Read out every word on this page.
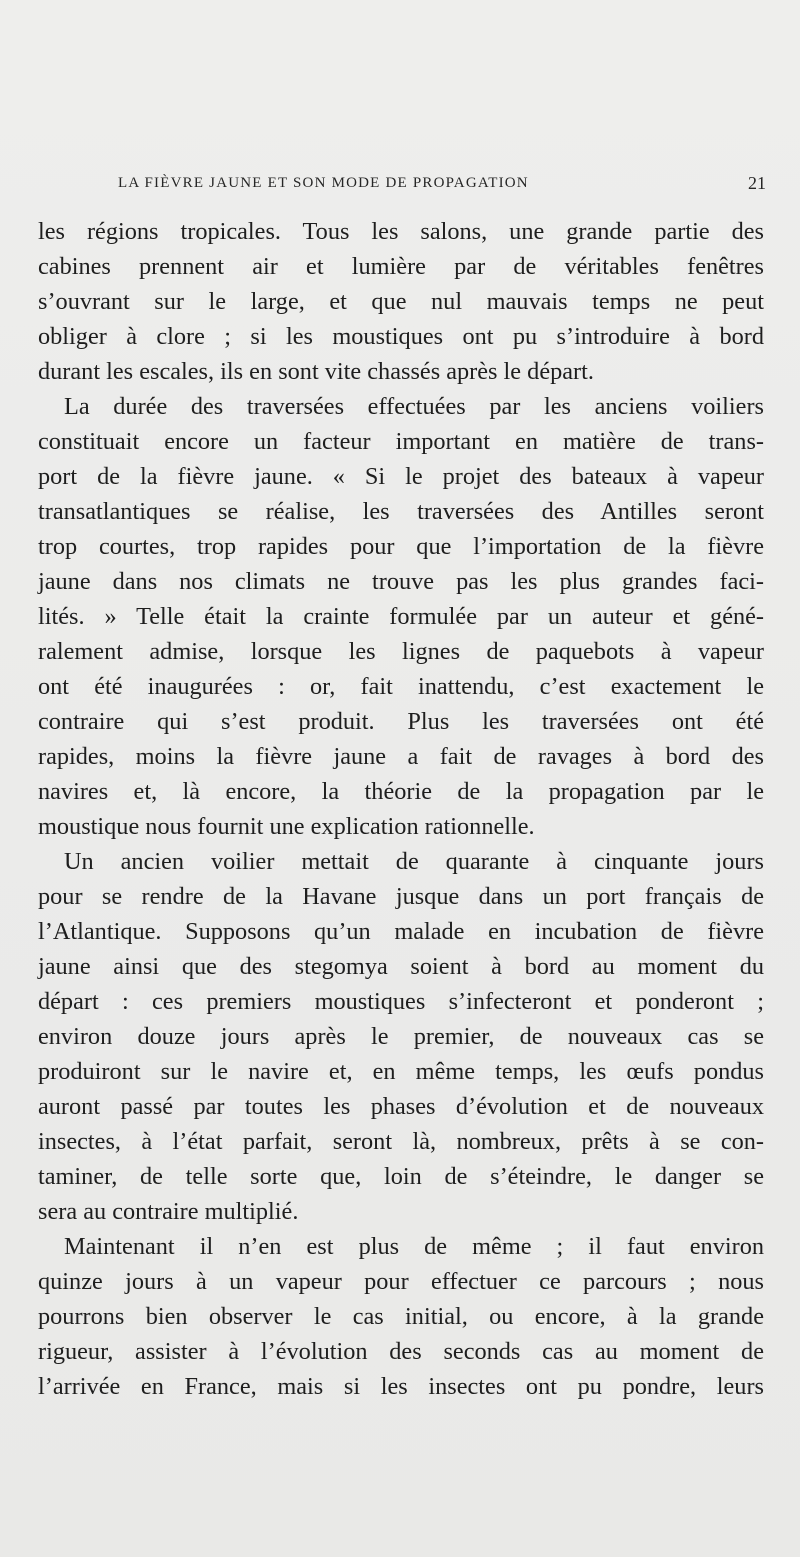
LA FIÈVRE JAUNE ET SON MODE DE PROPAGATION	21
les régions tropicales. Tous les salons, une grande partie des
cabines prennent air et lumière par de véritables fenêtres
s’ouvrant sur le large, et que nul mauvais temps ne peut
obliger à clore ; si les moustiques ont pu s’introduire à bord
durant les escales, ils en sont vite chassés après le départ.
La durée des traversées effectuées par les anciens voiliers
constituait encore un facteur important en matière de trans-
port de la fièvre jaune. « Si le projet des bateaux à vapeur
transatlantiques se réalise, les traversées des Antilles seront
trop courtes, trop rapides pour que l’importation de la fièvre
jaune dans nos climats ne trouve pas les plus grandes faci-
lités. » Telle était la crainte formulée par un auteur et géné-
ralement admise, lorsque les lignes de paquebots à vapeur
ont été inaugurées : or, fait inattendu, c’est exactement le
contraire qui s’est produit. Plus les traversées ont été
rapides, moins la fièvre jaune a fait de ravages à bord des
navires et, là encore, la théorie de la propagation par le
moustique nous fournit une explication rationnelle.
Un ancien voilier mettait de quarante à cinquante jours
pour se rendre de la Havane jusque dans un port français de
l’Atlantique. Supposons qu’un malade en incubation de fièvre
jaune ainsi que des stegomya soient à bord au moment du
départ : ces premiers moustiques s’infecteront et ponderont ;
environ douze jours après le premier, de nouveaux cas se
produiront sur le navire et, en même temps, les œufs pondus
auront passé par toutes les phases d’évolution et de nouveaux
insectes, à l’état parfait, seront là, nombreux, prêts à se con-
taminer, de telle sorte que, loin de s’éteindre, le danger se
sera au contraire multiplié.
Maintenant il n’en est plus de même ; il faut environ
quinze jours à un vapeur pour effectuer ce parcours ; nous
pourrons bien observer le cas initial, ou encore, à la grande
rigueur, assister à l’évolution des seconds cas au moment de
l’arrivée en France, mais si les insectes ont pu pondre, leurs
